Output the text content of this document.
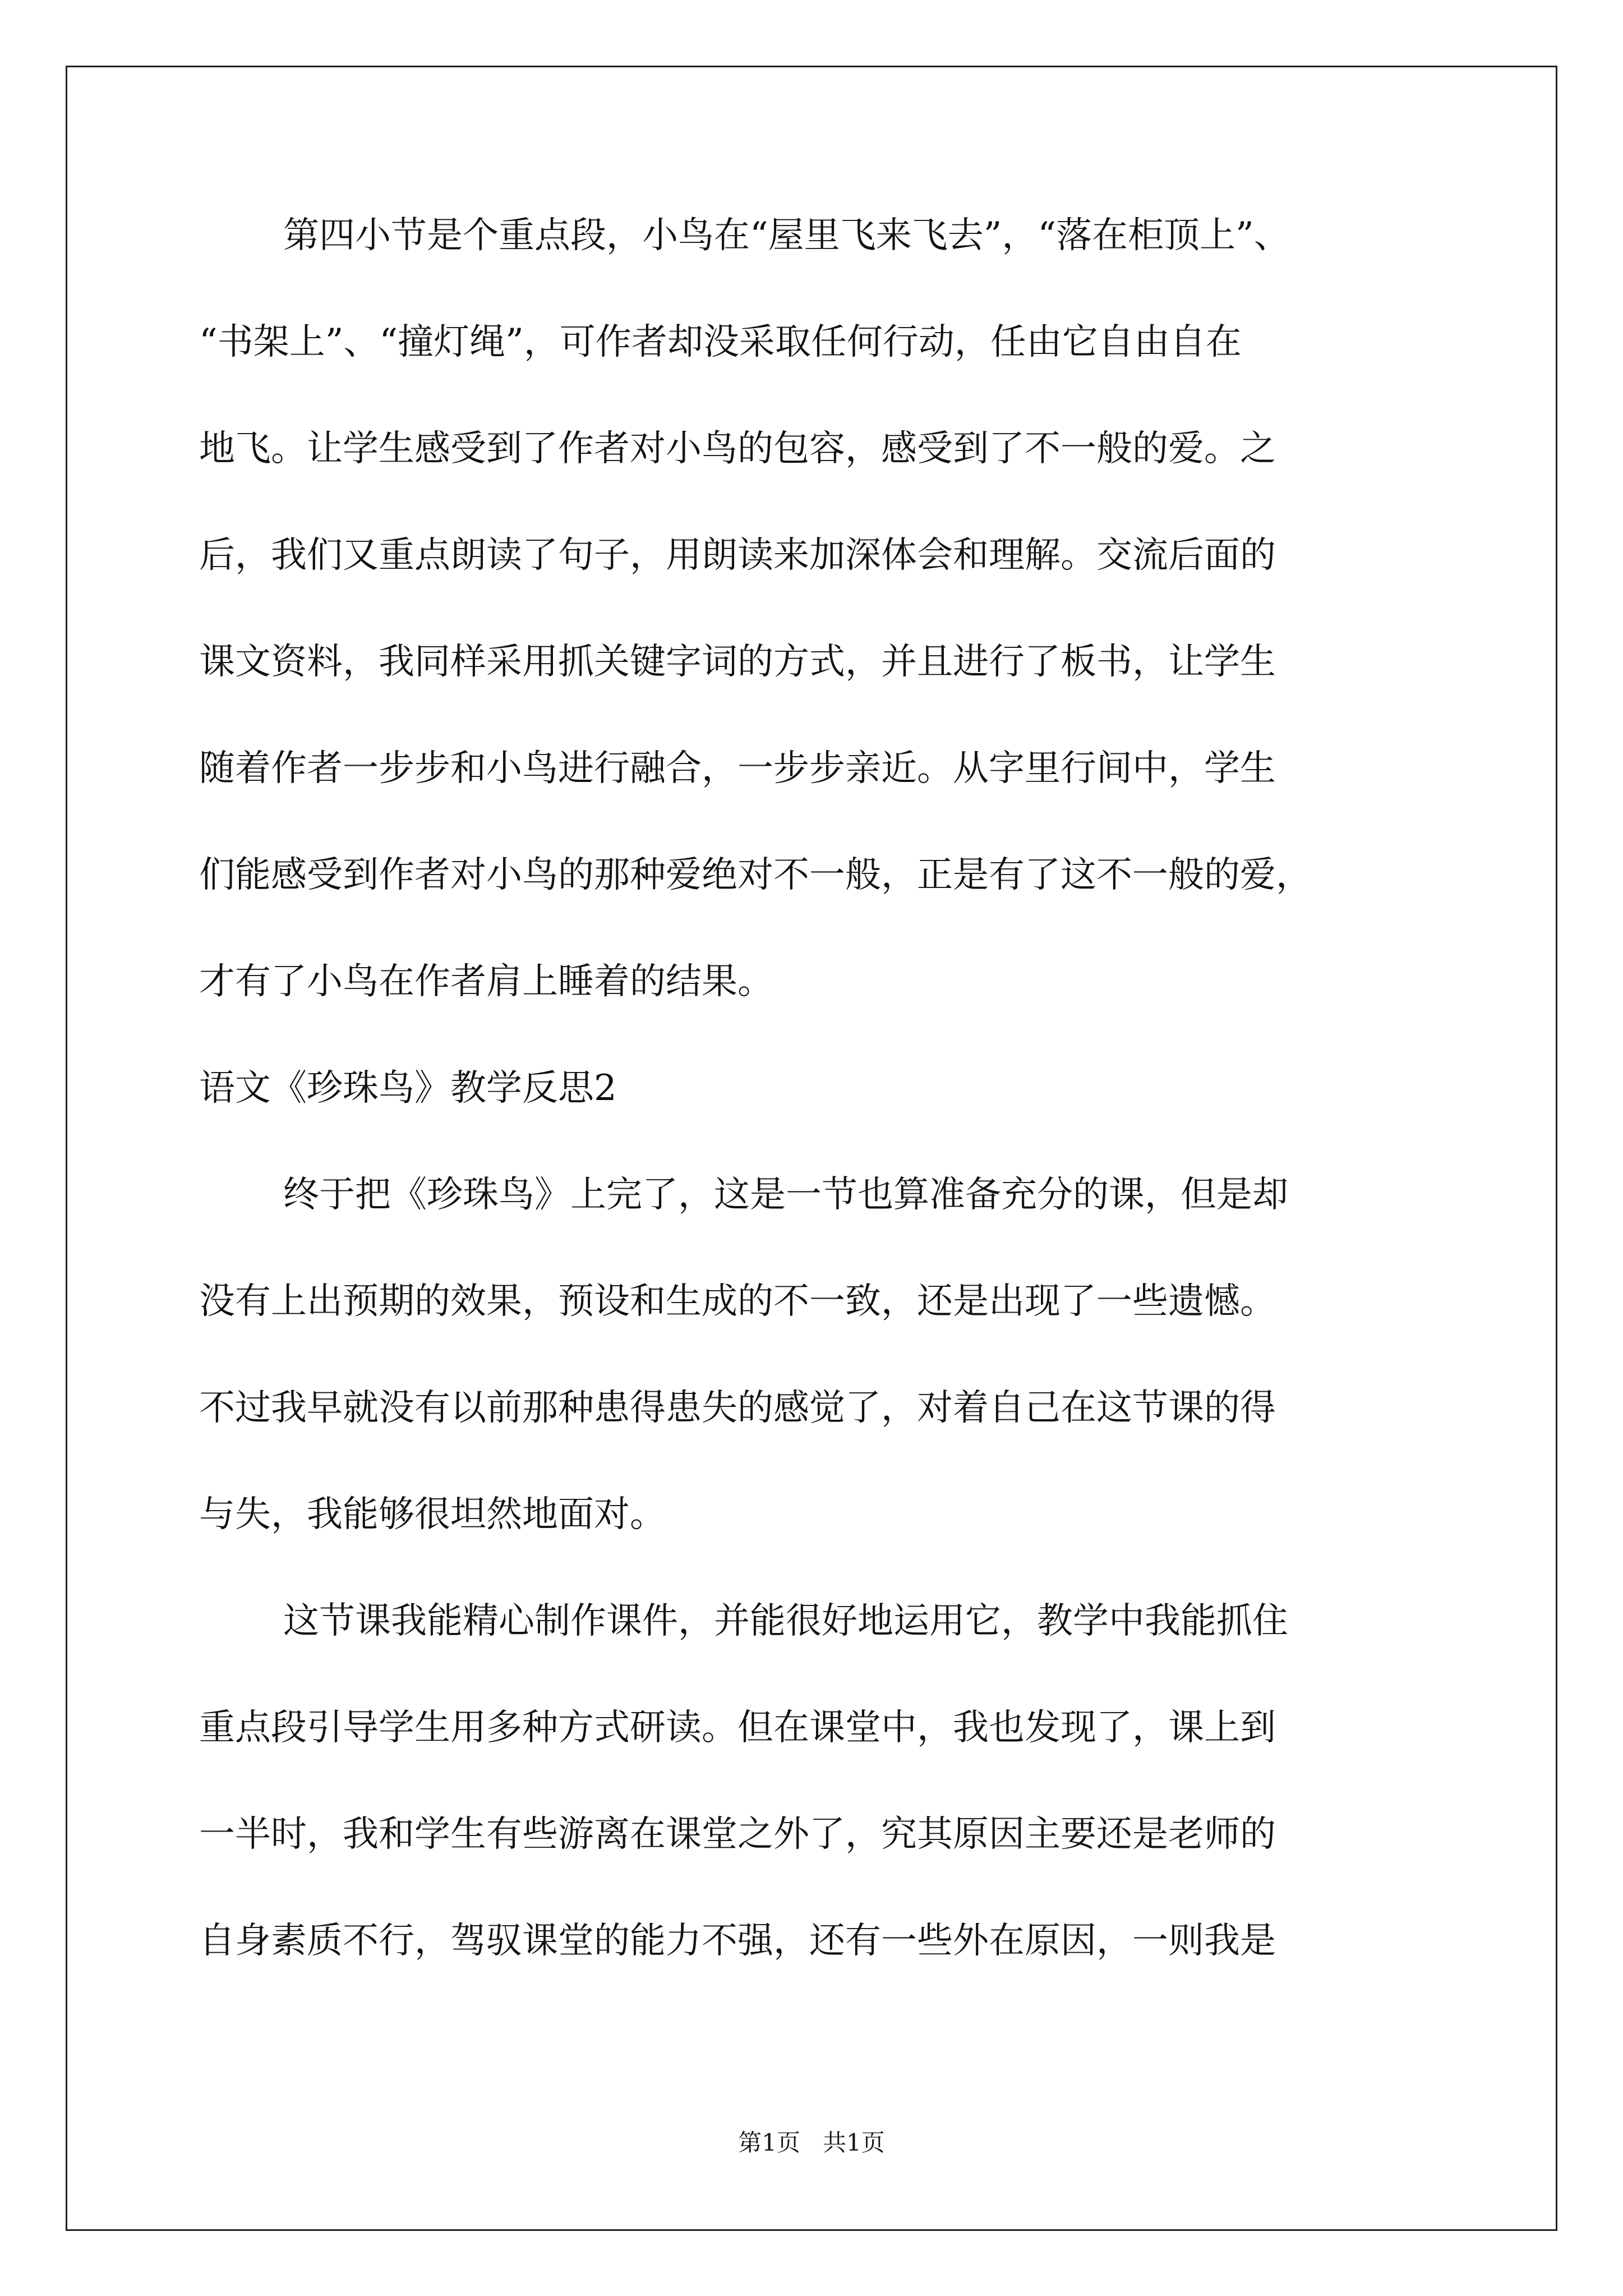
第四小节是个重点段，小鸟在“屋里飞来飞去”，“落在柜顶上”、
“书架上”、“撞灯绳”，可作者却没采取任何行动，任由它自由自在
地飞。让学生感受到了作者对小鸟的包容，感受到了不一般的爱。之
后，我们又重点朗读了句子，用朗读来加深体会和理解。交流后面的
课文资料，我同样采用抓关键字词的方式，并且进行了板书，让学生
随着作者一步步和小鸟进行融合，一步步亲近。从字里行间中，学生
们能感受到作者对小鸟的那种爱绝对不一般，正是有了这不一般的爱，
才有了小鸟在作者肩上睡着的结果。
语文《珍珠鸟》教学反思2
终于把《珍珠鸟》上完了，这是一节也算准备充分的课，但是却
没有上出预期的效果，预设和生成的不一致，还是出现了一些遗憾。
不过我早就没有以前那种患得患失的感觉了，对着自己在这节课的得
与失，我能够很坦然地面对。
这节课我能精心制作课件，并能很好地运用它，教学中我能抓住
重点段引导学生用多种方式研读。但在课堂中，我也发现了，课上到
一半时，我和学生有些游离在课堂之外了，究其原因主要还是老师的
自身素质不行，驾驭课堂的能力不强，还有一些外在原因，一则我是
第1页   共1页
